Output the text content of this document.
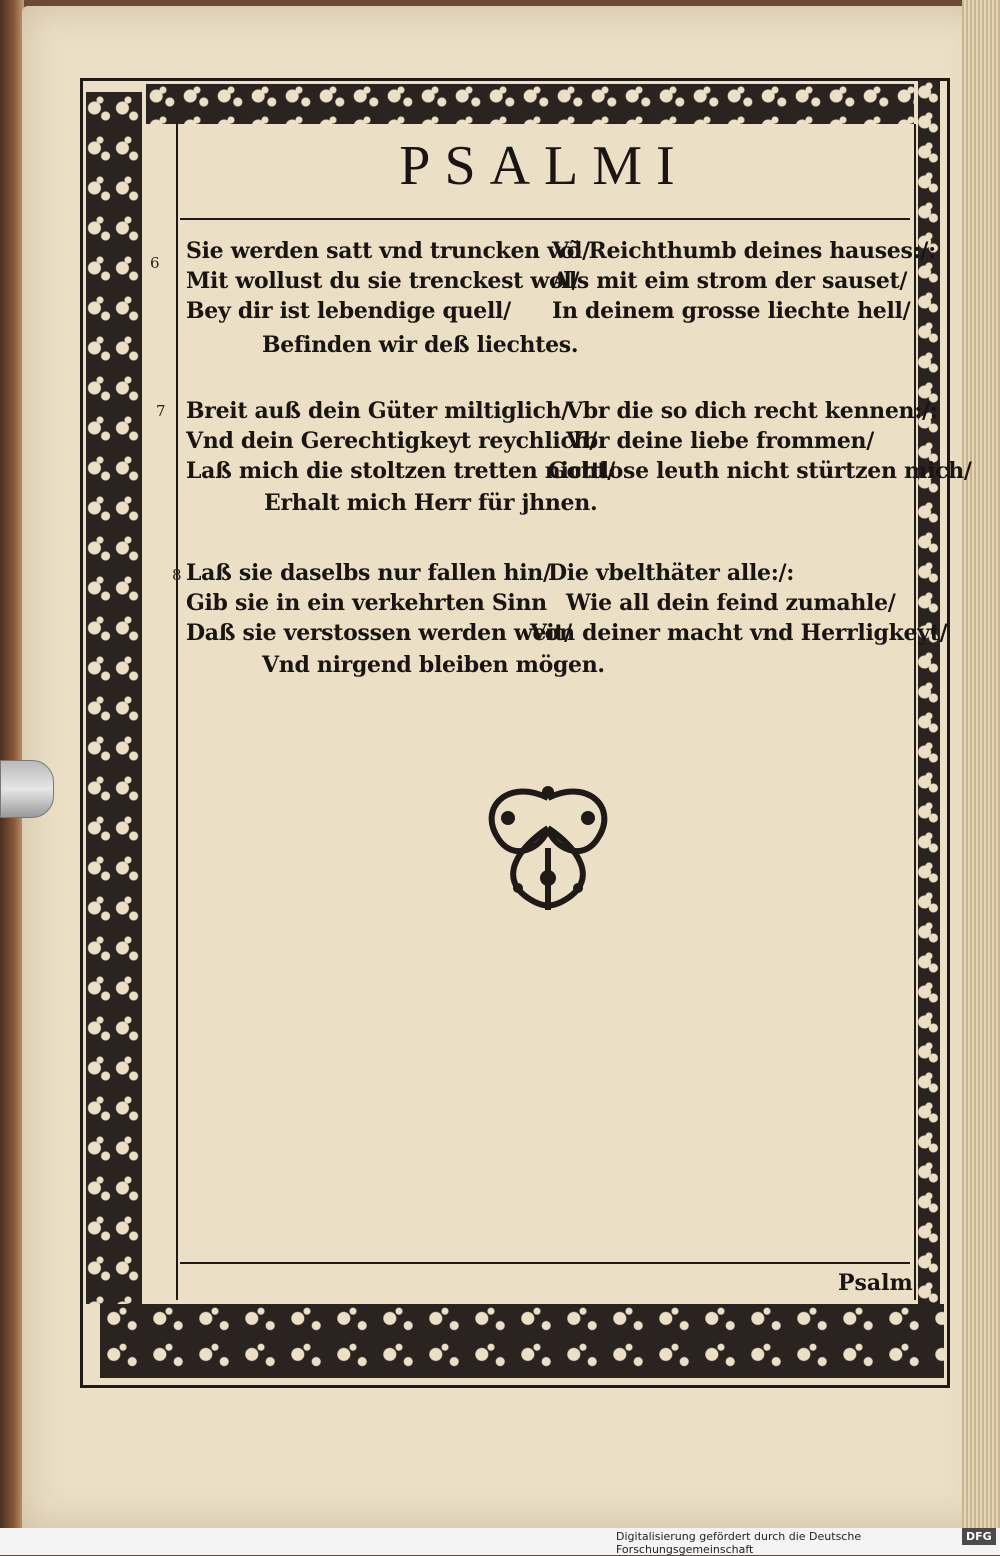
PSALMI
6 Sie werden satt vnd truncken vol/
Mit wollust du sie trenckest wol/
Bey dir ist lebendige quell/
Võ Reichthumb deines hauses:/:
Als mit eim strom der sauset/
In deinem grosse liechte hell/
Befinden wir deß liechtes.
7 Breit auß dein Güter miltiglich/
Vnd dein Gerechtigkeyt reychlich/
Laß mich die stoltzen tretten nicht/
Vbr die so dich recht kennen:/:
Vbr deine liebe frommen/
Gottlose leuth nicht stürtzen mich/
Erhalt mich Herr für jhnen.
8 Laß sie daselbs nur fallen hin/
Gib sie in ein verkehrten Sinn
Daß sie verstossen werden weit/
Die vbelthäter alle:/:
Wie all dein feind zumahle/
Von deiner macht vnd Herrligkeyt/
Vnd nirgend bleiben mögen.
Psalm
Digitalisierung gefördert durch die Deutsche Forschungsgemeinschaft
DFG
